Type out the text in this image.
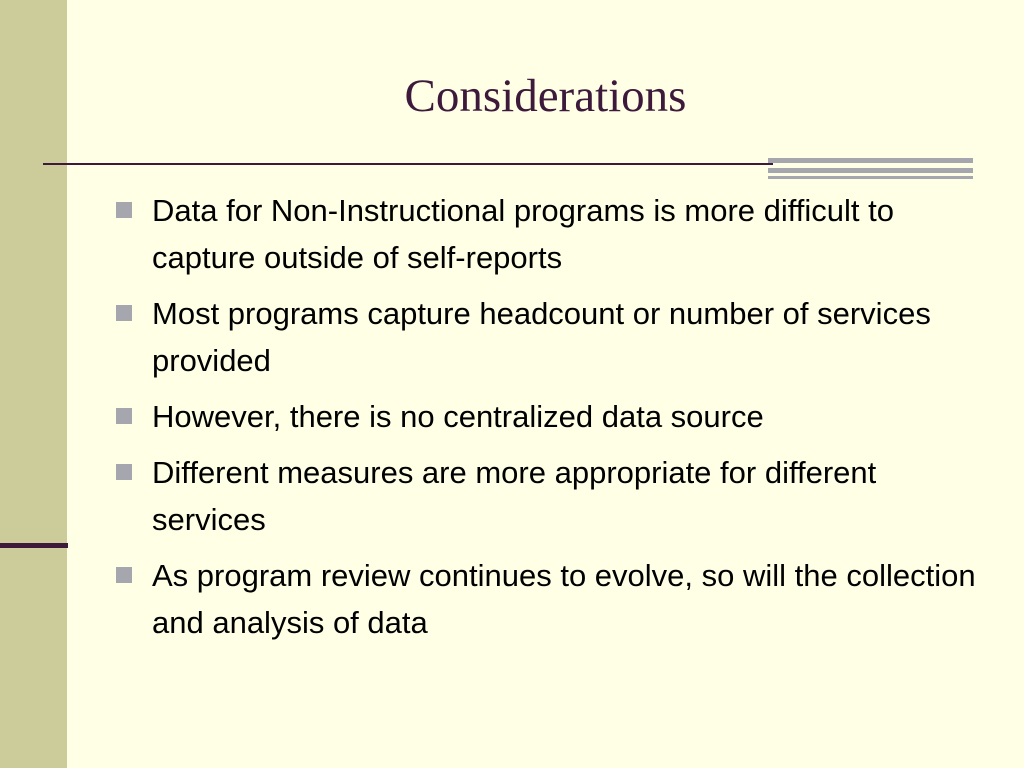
Considerations
Data for Non-Instructional programs is more difficult to capture outside of self-reports
Most programs capture headcount or number of services provided
However, there is no centralized data source
Different measures are more appropriate for different services
As program review continues to evolve, so will the collection and analysis of data
